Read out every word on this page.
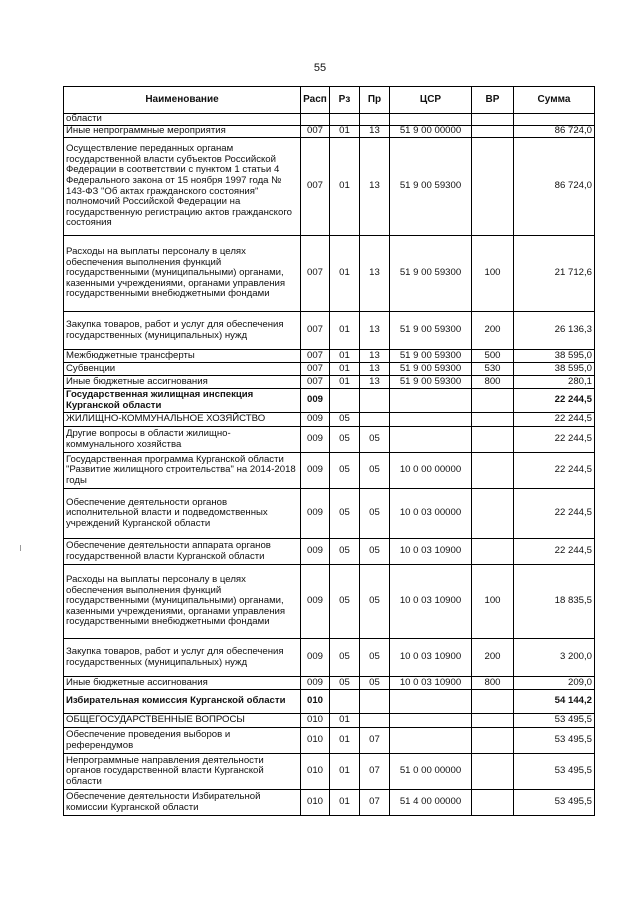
55
Наименование	Расп	Рз	Пр	ЦСР	ВР	Сумма
области						
Иные непрограммные мероприятия	007	01	13	51 9 00 00000		86 724,0
Осуществление переданных органам государственной власти субъектов Российской Федерации в соответствии с пунктом 1 статьи 4 Федерального закона от 15 ноября 1997 года № 143-ФЗ "Об актах гражданского состояния" полномочий Российской Федерации на государственную регистрацию актов гражданского состояния	007	01	13	51 9 00 59300		86 724,0
Расходы на выплаты персоналу в целях обеспечения выполнения функций государственными (муниципальными) органами, казенными учреждениями, органами управления государственными внебюджетными фондами	007	01	13	51 9 00 59300	100	21 712,6
Закупка товаров, работ и услуг для обеспечения государственных (муниципальных) нужд	007	01	13	51 9 00 59300	200	26 136,3
Межбюджетные трансферты	007	01	13	51 9 00 59300	500	38 595,0
Субвенции	007	01	13	51 9 00 59300	530	38 595,0
Иные бюджетные ассигнования	007	01	13	51 9 00 59300	800	280,1
Государственная жилищная инспекция Курганской области	009					22 244,5
ЖИЛИЩНО-КОММУНАЛЬНОЕ ХОЗЯЙСТВО	009	05				22 244,5
Другие вопросы в области жилищно-коммунального хозяйства	009	05	05			22 244,5
Государственная программа Курганской области "Развитие жилищного строительства" на 2014-2018 годы	009	05	05	10 0 00 00000		22 244,5
Обеспечение деятельности органов исполнительной власти и подведомственных учреждений Курганской области	009	05	05	10 0 03 00000		22 244,5
Обеспечение деятельности аппарата органов государственной власти Курганской области	009	05	05	10 0 03 10900		22 244,5
Расходы на выплаты персоналу в целях обеспечения выполнения функций государственными (муниципальными) органами, казенными учреждениями, органами управления государственными внебюджетными фондами	009	05	05	10 0 03 10900	100	18 835,5
Закупка товаров, работ и услуг для обеспечения государственных (муниципальных) нужд	009	05	05	10 0 03 10900	200	3 200,0
Иные бюджетные ассигнования	009	05	05	10 0 03 10900	800	209,0
Избирательная комиссия Курганской области	010					54 144,2
ОБЩЕГОСУДАРСТВЕННЫЕ ВОПРОСЫ	010	01				53 495,5
Обеспечение проведения выборов и референдумов	010	01	07			53 495,5
Непрограммные направления деятельности органов государственной власти Курганской области	010	01	07	51 0 00 00000		53 495,5
Обеспечение деятельности Избирательной комиссии Курганской области	010	01	07	51 4 00 00000		53 495,5
